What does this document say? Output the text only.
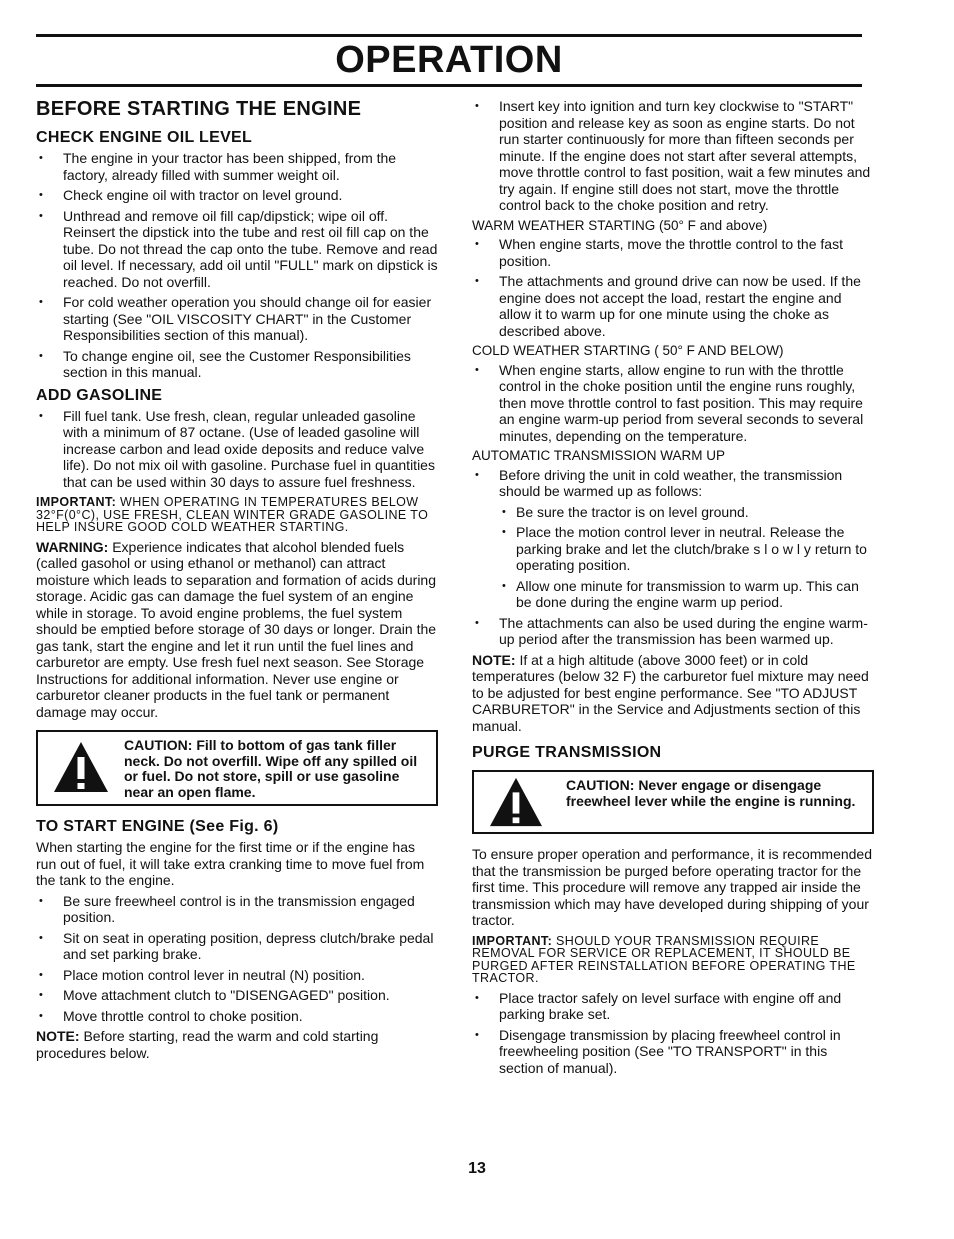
OPERATION
BEFORE STARTING THE ENGINE
CHECK ENGINE OIL LEVEL
• The engine in your tractor has been shipped, from the factory, already filled with summer weight oil.
• Check engine oil with tractor on level ground.
• Unthread and remove oil fill cap/dipstick; wipe oil off. Reinsert the dipstick into the tube and rest oil fill cap on the tube. Do not thread the cap onto the tube. Remove and read oil level. If necessary, add oil until "FULL" mark on dipstick is reached. Do not overfill.
• For cold weather operation you should change oil for easier starting (See "OIL VISCOSITY CHART" in the Customer Responsibilities section of this manual).
• To change engine oil, see the Customer Responsibilities section in this manual.
ADD GASOLINE
• Fill fuel tank. Use fresh, clean, regular unleaded gasoline with a minimum of 87 octane. (Use of leaded gasoline will increase carbon and lead oxide deposits and reduce valve life). Do not mix oil with gasoline. Purchase fuel in quantities that can be used within 30 days to assure fuel freshness.
IMPORTANT: WHEN OPERATING IN TEMPERATURES BELOW 32°F(0°C), USE FRESH, CLEAN WINTER GRADE GASOLINE TO HELP INSURE GOOD COLD WEATHER STARTING.
WARNING: Experience indicates that alcohol blended fuels (called gasohol or using ethanol or methanol) can attract moisture which leads to separation and formation of acids during storage. Acidic gas can damage the fuel system of an engine while in storage. To avoid engine problems, the fuel system should be emptied before storage of 30 days or longer. Drain the gas tank, start the engine and let it run until the fuel lines and carburetor are empty. Use fresh fuel next season. See Storage Instructions for additional information. Never use engine or carburetor cleaner products in the fuel tank or permanent damage may occur.
CAUTION: Fill to bottom of gas tank filler neck. Do not overfill. Wipe off any spilled oil or fuel. Do not store, spill or use gasoline near an open flame.
TO START ENGINE (See Fig. 6)
When starting the engine for the first time or if the engine has run out of fuel, it will take extra cranking time to move fuel from the tank to the engine.
• Be sure freewheel control is in the transmission engaged position.
• Sit on seat in operating position, depress clutch/brake pedal and set parking brake.
• Place motion control lever in neutral (N) position.
• Move attachment clutch to "DISENGAGED" position.
• Move throttle control to choke position.
NOTE: Before starting, read the warm and cold starting procedures below.
• Insert key into ignition and turn key clockwise to "START" position and release key as soon as engine starts. Do not run starter continuously for more than fifteen seconds per minute. If the engine does not start after several attempts, move throttle control to fast position, wait a few minutes and try again. If engine still does not start, move the throttle control back to the choke position and retry.
WARM WEATHER STARTING (50° F and above)
• When engine starts, move the throttle control to the fast position.
• The attachments and ground drive can now be used. If the engine does not accept the load, restart the engine and allow it to warm up for one minute using the choke as described above.
COLD WEATHER STARTING ( 50° F AND BELOW)
• When engine starts, allow engine to run with the throttle control in the choke position until the engine runs roughly, then move throttle control to fast position. This may require an engine warm-up period from several seconds to several minutes, depending on the temperature.
AUTOMATIC TRANSMISSION WARM UP
• Before driving the unit in cold weather, the transmission should be warmed up as follows:
• Be sure the tractor is on level ground.
• Place the motion control lever in neutral. Release the parking brake and let the clutch/brake s l o w l y return to operating position.
• Allow one minute for transmission to warm up. This can be done during the engine warm up period.
• The attachments can also be used during the engine warm-up period after the transmission has been warmed up.
NOTE: If at a high altitude (above 3000 feet) or in cold temperatures (below 32 F) the carburetor fuel mixture may need to be adjusted for best engine performance. See "TO ADJUST CARBURETOR" in the Service and Adjustments section of this manual.
PURGE TRANSMISSION
CAUTION: Never engage or disengage freewheel lever while the engine is running.
To ensure proper operation and performance, it is recommended that the transmission be purged before operating tractor for the first time. This procedure will remove any trapped air inside the transmission which may have developed during shipping of your tractor.
IMPORTANT: SHOULD YOUR TRANSMISSION REQUIRE REMOVAL FOR SERVICE OR REPLACEMENT, IT SHOULD BE PURGED AFTER REINSTALLATION BEFORE OPERATING THE TRACTOR.
• Place tractor safely on level surface with engine off and parking brake set.
• Disengage transmission by placing freewheel control in freewheeling position (See "TO TRANSPORT" in this section of manual).
13
